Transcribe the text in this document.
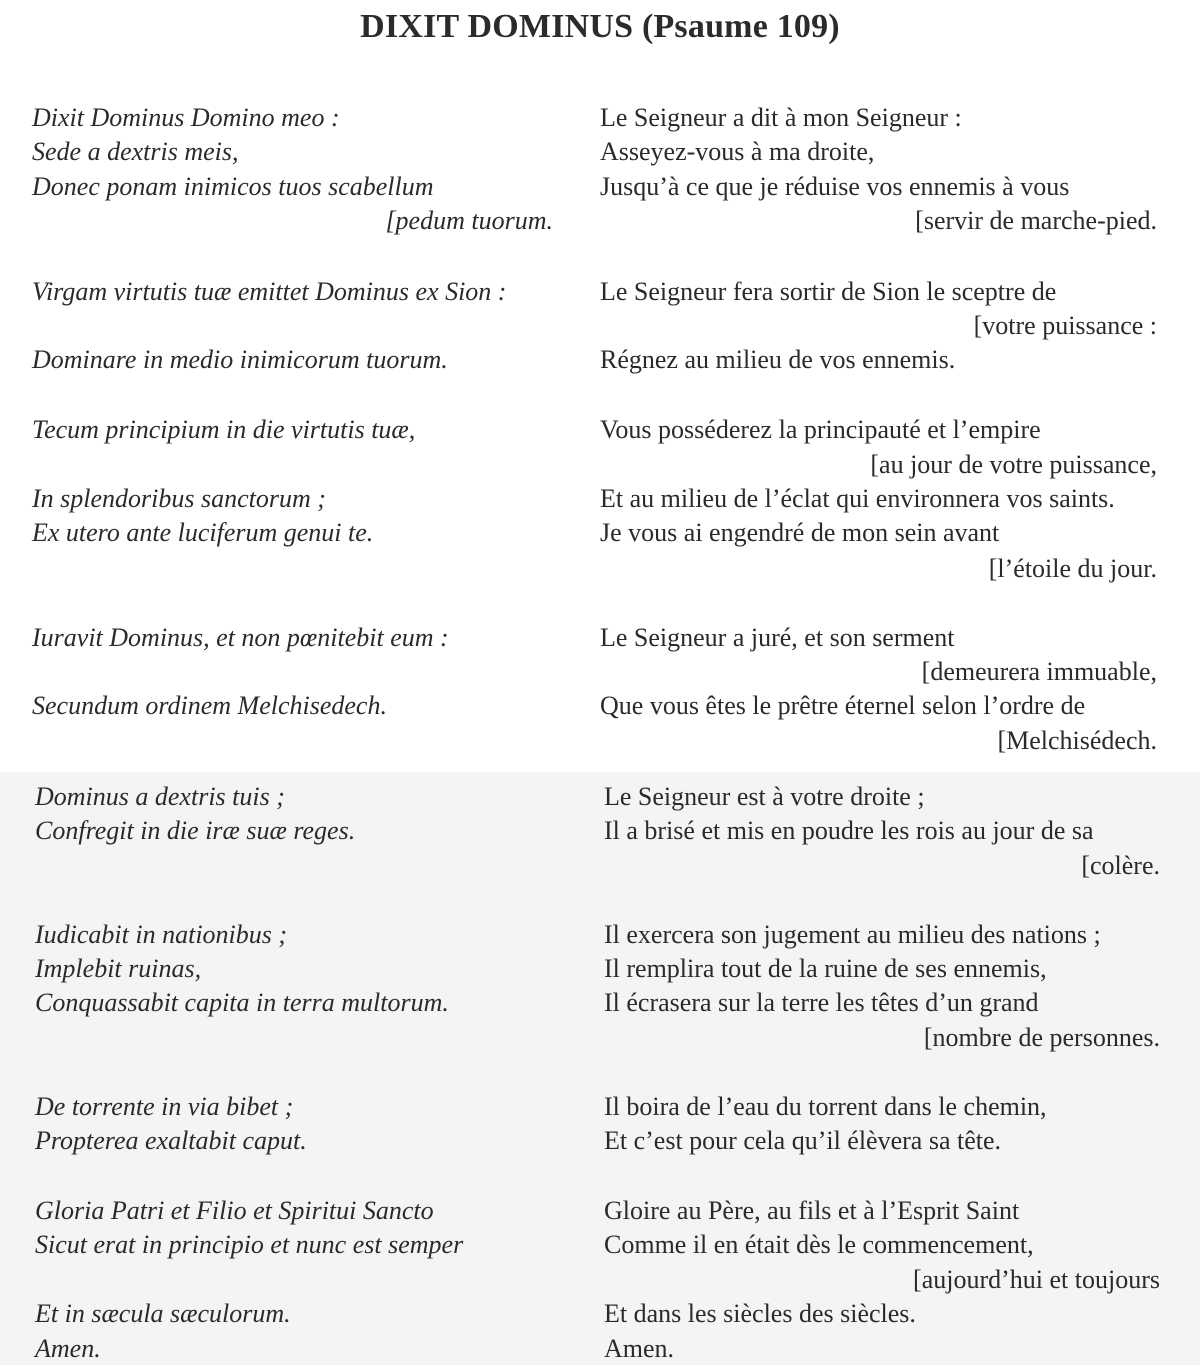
DIXIT DOMINUS (Psaume 109)
Dixit Dominus Domino meo :
Sede a dextris meis,
Donec ponam inimicos tuos scabellum
[pedum tuorum.
Virgam virtutis tuæ emittet Dominus ex Sion :
Dominare in medio inimicorum tuorum.
Tecum principium in die virtutis tuæ,
In splendoribus sanctorum ;
Ex utero ante luciferum genui te.
Iuravit Dominus, et non pœnitebit eum :
Secundum ordinem Melchisedech.
Dominus a dextris tuis ;
Confregit in die iræ suæ reges.
Iudicabit in nationibus ;
Implebit ruinas,
Conquassabit capita in terra multorum.
De torrente in via bibet ;
Propterea exaltabit caput.
Gloria Patri et Filio et Spiritui Sancto
Sicut erat in principio et nunc est semper
Et in sæcula sæculorum.
Amen.
Le Seigneur a dit à mon Seigneur :
Asseyez-vous à ma droite,
Jusqu’à ce que je réduise vos ennemis à vous
[servir de marche-pied.
Le Seigneur fera sortir de Sion le sceptre de
[votre puissance :
Régnez au milieu de vos ennemis.
Vous posséderez la principauté et l’empire
[au jour de votre puissance,
Et au milieu de l’éclat qui environnera vos saints.
Je vous ai engendré de mon sein avant
[l’étoile du jour.
Le Seigneur a juré, et son serment
[demeurera immuable,
Que vous êtes le prêtre éternel selon l’ordre de
[Melchisédech.
Le Seigneur est à votre droite ;
Il a brisé et mis en poudre les rois au jour de sa
[colère.
Il exercera son jugement au milieu des nations ;
Il remplira tout de la ruine de ses ennemis,
Il écrasera sur la terre les têtes d’un grand
[nombre de personnes.
Il boira de l’eau du torrent dans le chemin,
Et c’est pour cela qu’il élèvera sa tête.
Gloire au Père, au fils et à l’Esprit Saint
Comme il en était dès le commencement,
[aujourd’hui et toujours
Et dans les siècles des siècles.
Amen.
